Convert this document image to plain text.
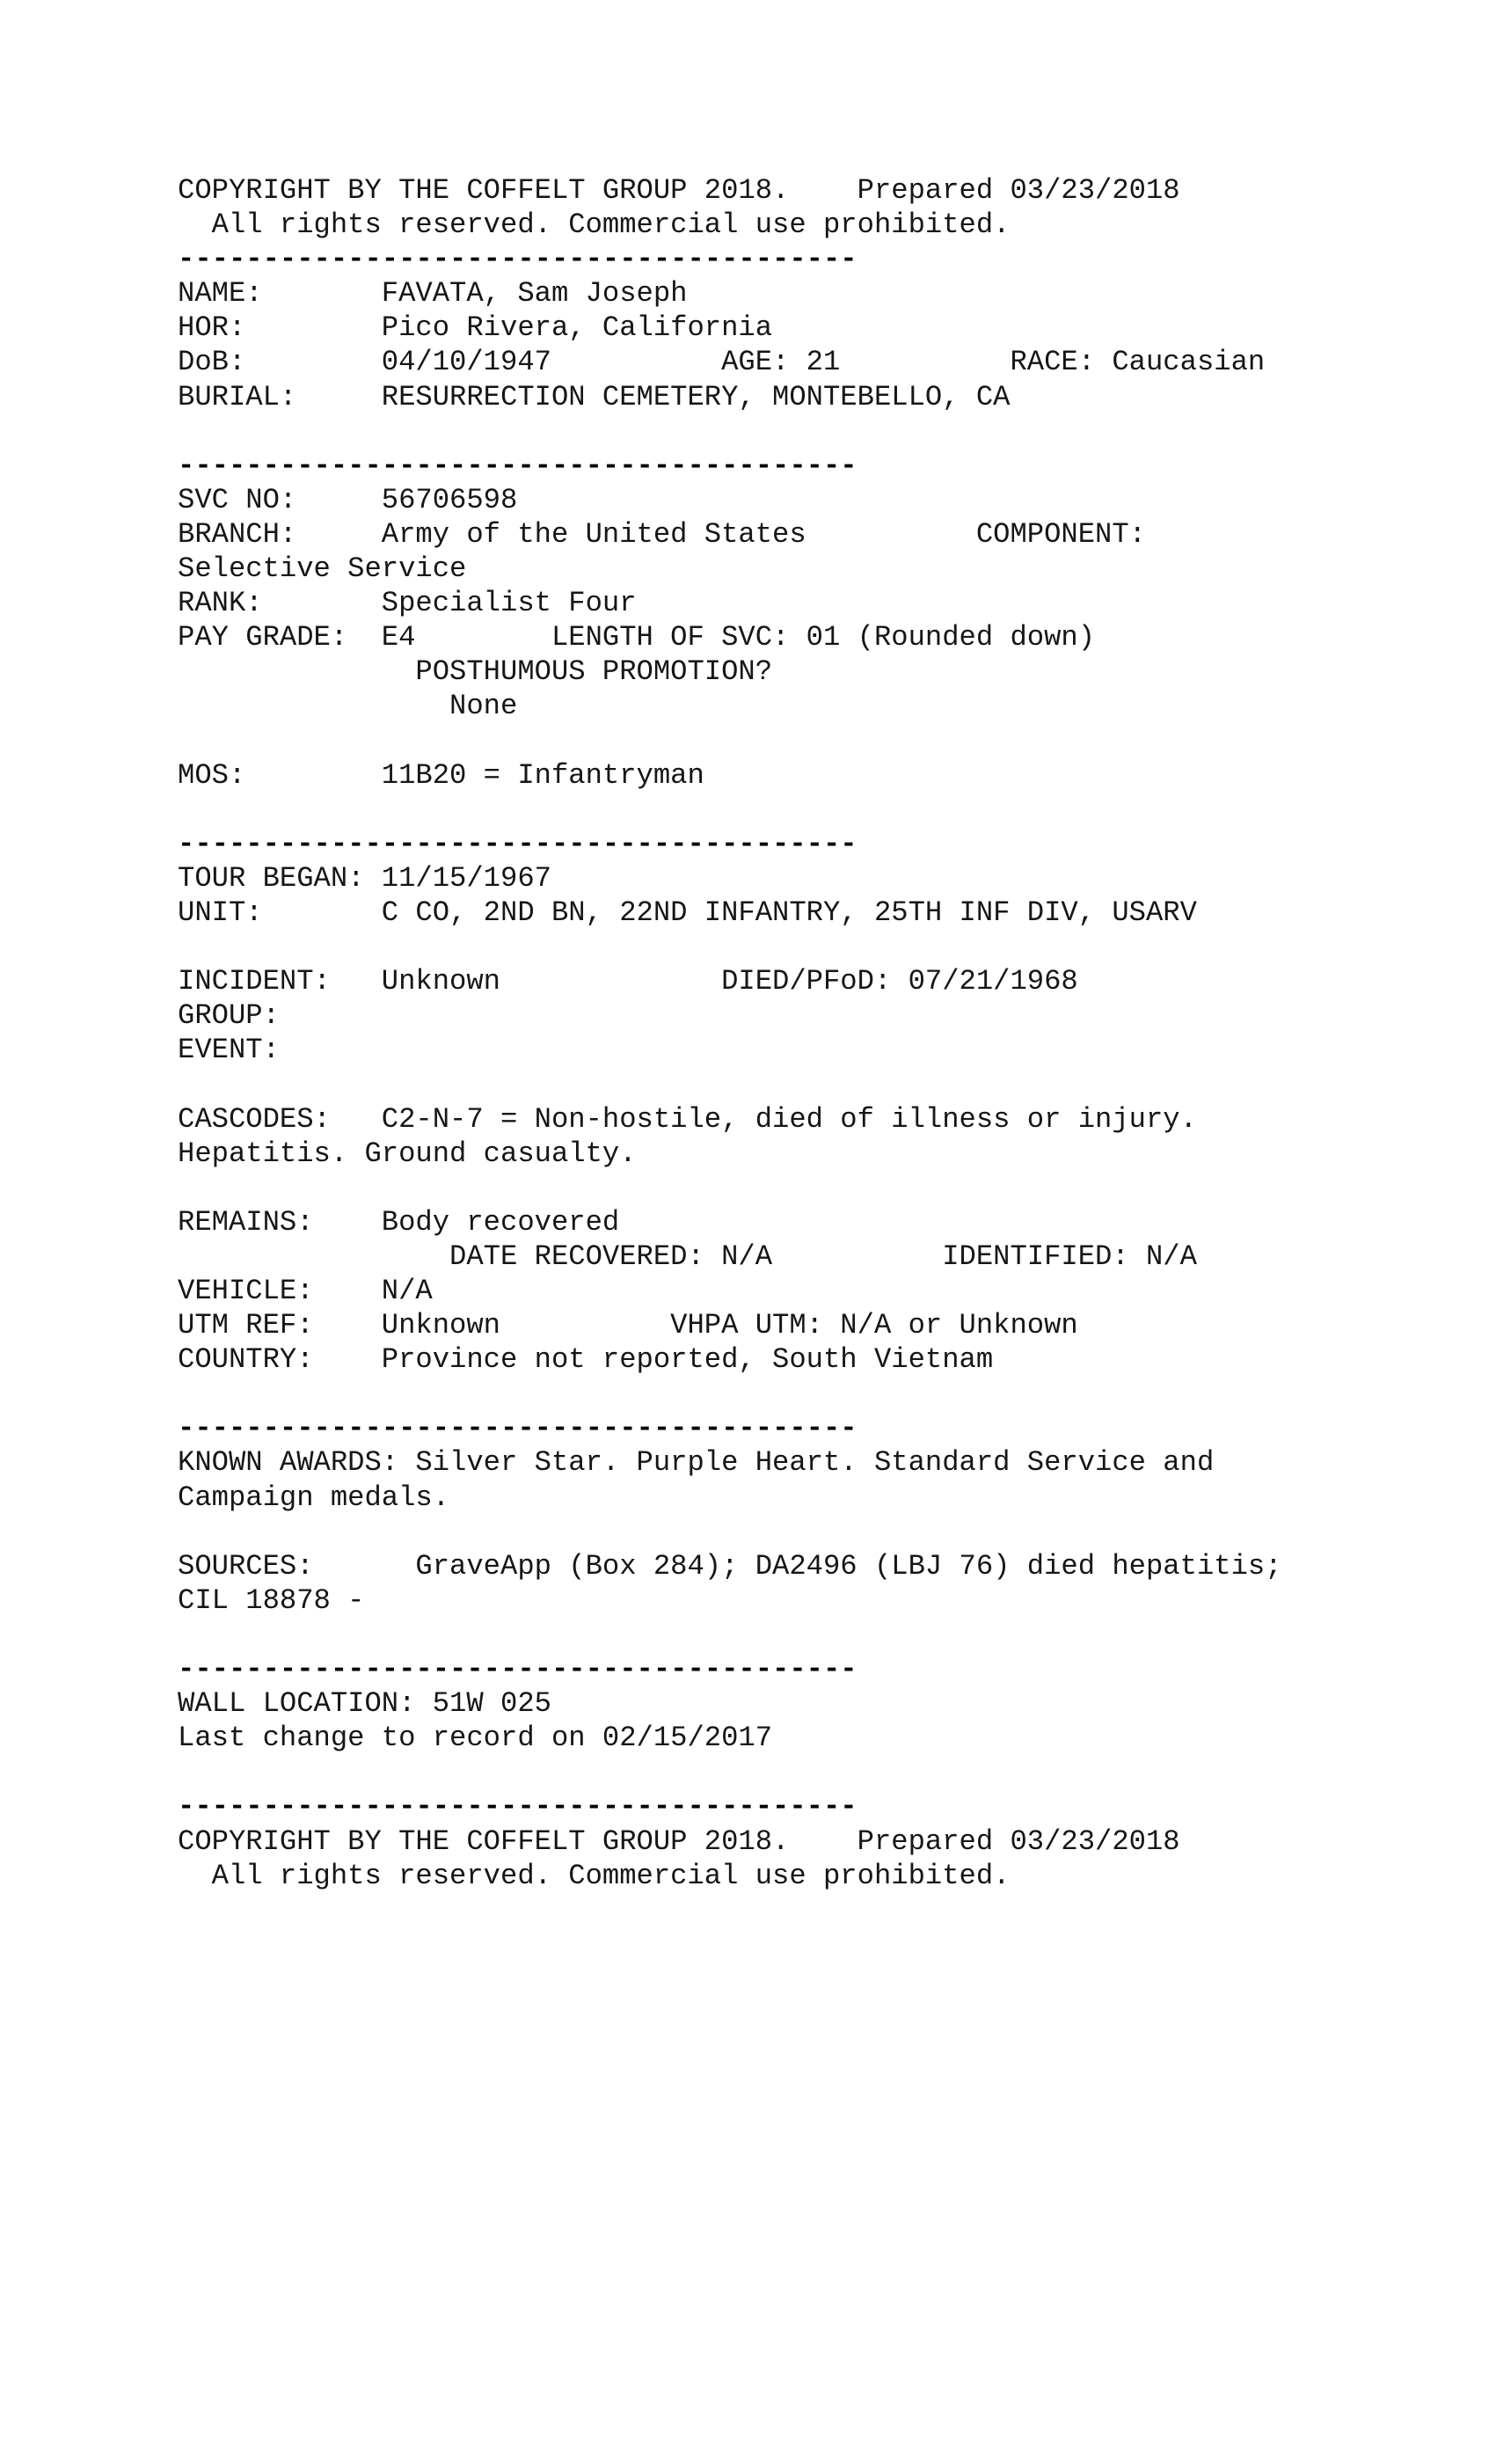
COPYRIGHT BY THE COFFELT GROUP 2018.    Prepared 03/23/2018
All rights reserved. Commercial use prohibited.
----------------------------------------
NAME:       FAVATA, Sam Joseph
HOR:        Pico Rivera, California
DoB:        04/10/1947          AGE: 21          RACE: Caucasian
BURIAL:     RESURRECTION CEMETERY, MONTEBELLO, CA
----------------------------------------
SVC NO:     56706598
BRANCH:     Army of the United States          COMPONENT:
Selective Service
RANK:       Specialist Four
PAY GRADE:  E4        LENGTH OF SVC: 01 (Rounded down)
POSTHUMOUS PROMOTION?
None
MOS:        11B20 = Infantryman
----------------------------------------
TOUR BEGAN: 11/15/1967
UNIT:       C CO, 2ND BN, 22ND INFANTRY, 25TH INF DIV, USARV
INCIDENT:   Unknown             DIED/PFoD: 07/21/1968
GROUP:
EVENT:
CASCODES:   C2-N-7 = Non-hostile, died of illness or injury.
Hepatitis. Ground casualty.
REMAINS:    Body recovered
DATE RECOVERED: N/A          IDENTIFIED: N/A
VEHICLE:    N/A
UTM REF:    Unknown          VHPA UTM: N/A or Unknown
COUNTRY:    Province not reported, South Vietnam
----------------------------------------
KNOWN AWARDS: Silver Star. Purple Heart. Standard Service and
Campaign medals.
SOURCES:      GraveApp (Box 284); DA2496 (LBJ 76) died hepatitis;
CIL 18878 -
----------------------------------------
WALL LOCATION: 51W 025
Last change to record on 02/15/2017
----------------------------------------
COPYRIGHT BY THE COFFELT GROUP 2018.    Prepared 03/23/2018
All rights reserved. Commercial use prohibited.
